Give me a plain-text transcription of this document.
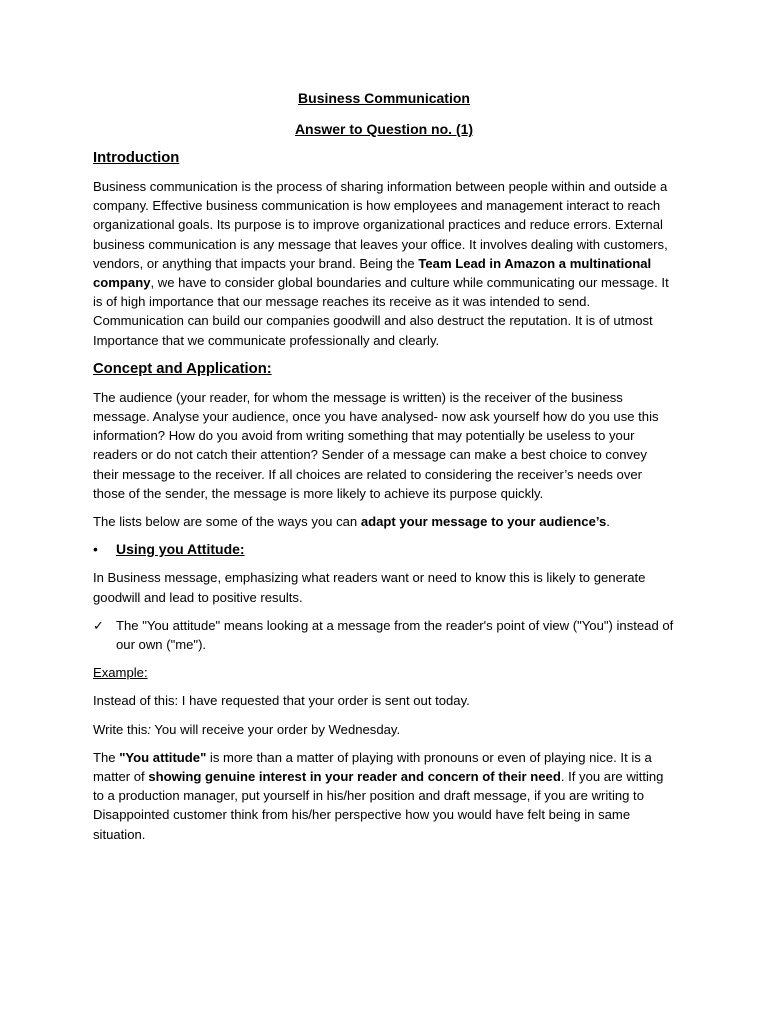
Business Communication
Answer to Question no. (1)
Introduction

Business communication is the process of sharing information between people within and outside a company. Effective business communication is how employees and management interact to reach organizational goals. Its purpose is to improve organizational practices and reduce errors. External business communication is any message that leaves your office. It involves dealing with customers, vendors, or anything that impacts your brand. Being the Team Lead in Amazon a multinational company, we have to consider global boundaries and culture while communicating our message. It is of high importance that our message reaches its receive as it was intended to send. Communication can build our companies goodwill and also destruct the reputation. It is of utmost Importance that we communicate professionally and clearly.

Concept and Application:

The audience (your reader, for whom the message is written) is the receiver of the business message. Analyse your audience, once you have analysed- now ask yourself how do you use this information? How do you avoid from writing something that may potentially be useless to your readers or do not catch their attention? Sender of a message can make a best choice to convey their message to the receiver. If all choices are related to considering the receiver’s needs over those of the sender, the message is more likely to achieve its purpose quickly.

The lists below are some of the ways you can adapt your message to your audience’s.

•	Using you Attitude:

In Business message, emphasizing what readers want or need to know this is likely to generate goodwill and lead to positive results.

✓ The "You attitude" means looking at a message from the reader's point of view ("You") instead of our own ("me").

Example:

Instead of this: I have requested that your order is sent out today.

Write this: You will receive your order by Wednesday.

The "You attitude" is more than a matter of playing with pronouns or even of playing nice. It is a matter of showing genuine interest in your reader and concern of their need. If you are witting to a production manager, put yourself in his/her position and draft message, if you are writing to Disappointed customer think from his/her perspective how you would have felt being in same situation.
